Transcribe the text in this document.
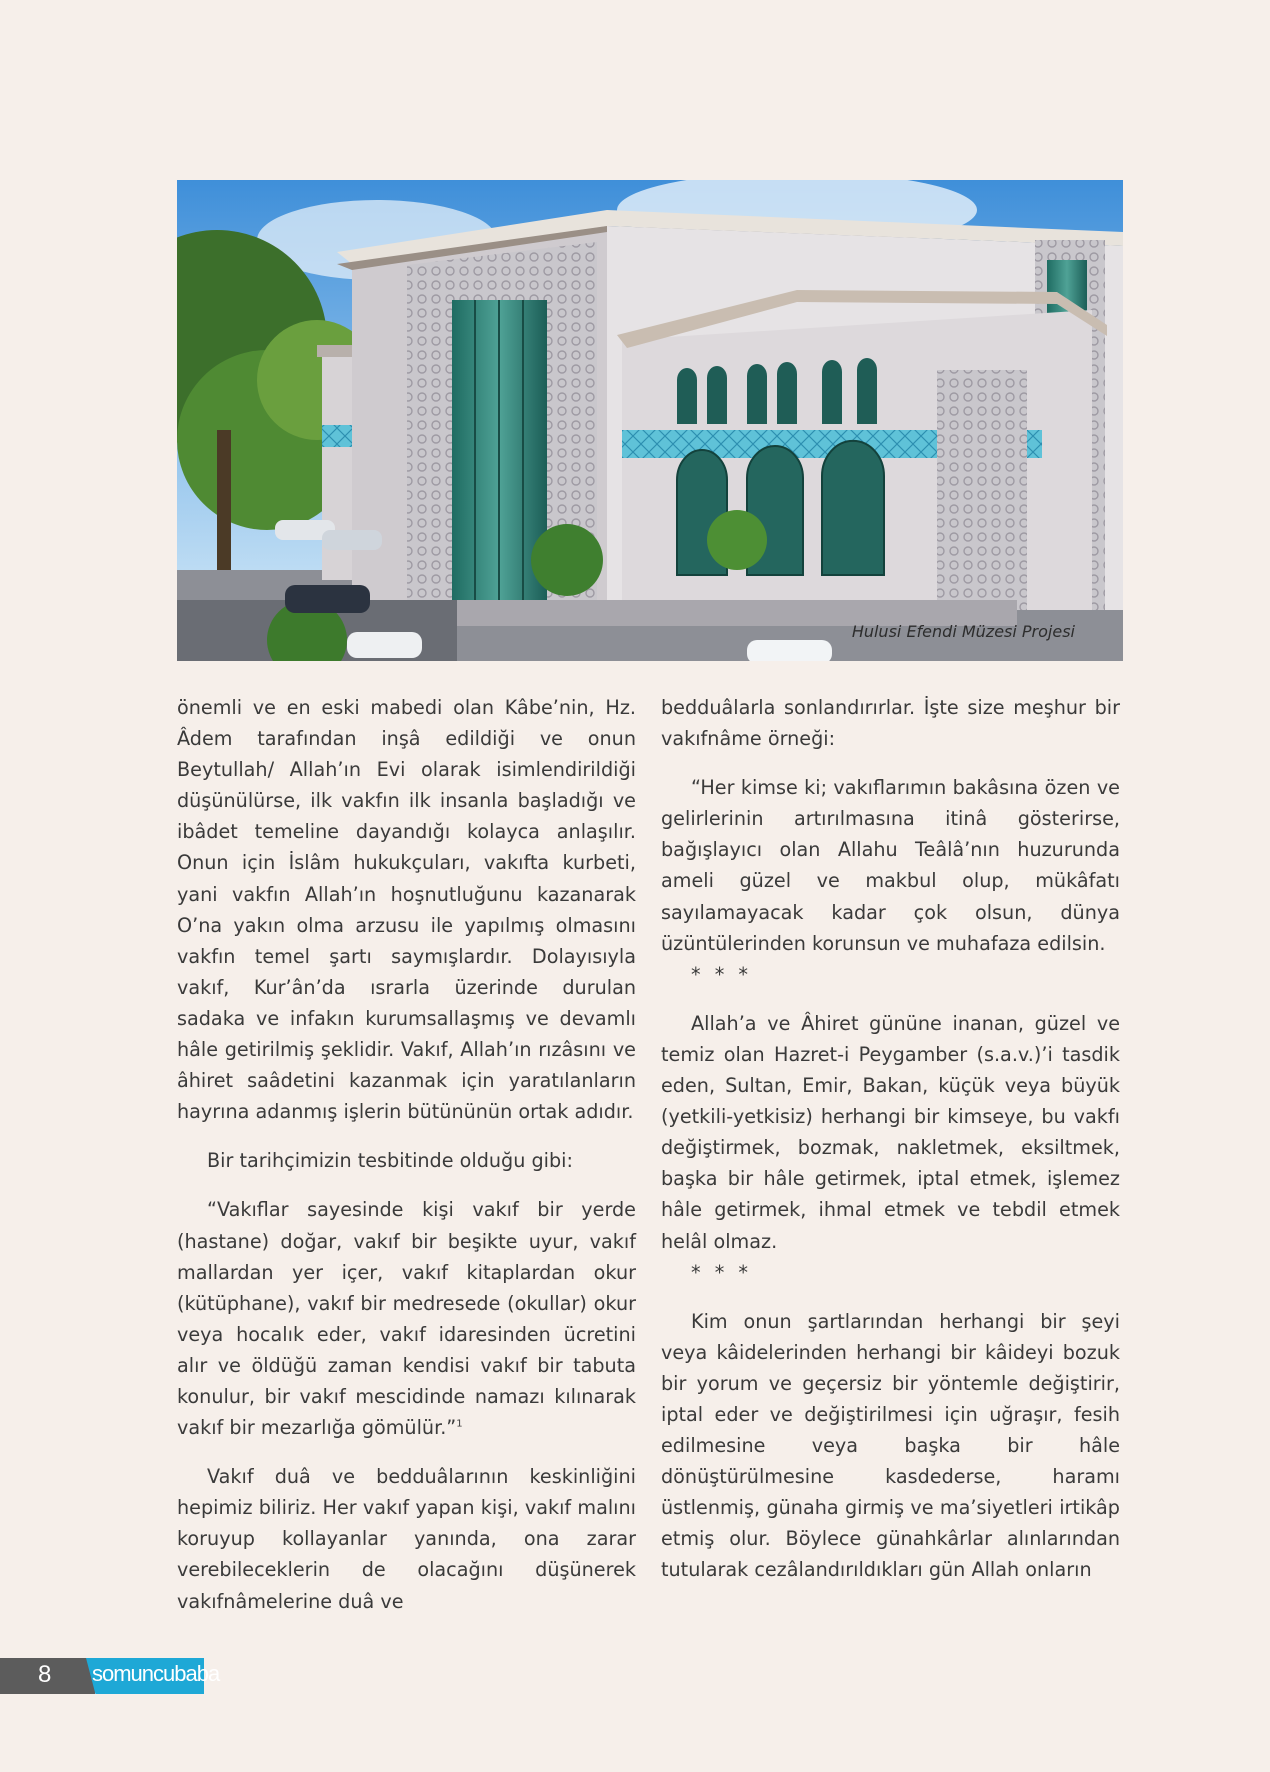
Hulusi Efendi Müzesi Projesi

önemli ve en eski mabedi olan Kâbe’nin, Hz. Âdem tarafından inşâ edildiği ve onun Beytullah/ Allah’ın Evi olarak isimlendirildiği düşünülürse, ilk vakfın ilk insanla başladığı ve ibâdet temeline dayandığı kolayca anlaşılır. Onun için İslâm hukukçuları, vakıfta kurbeti, yani vakfın Allah’ın hoşnutluğunu kazanarak O’na yakın olma arzusu ile yapılmış olmasını vakfın temel şartı saymışlardır. Dolayısıyla vakıf, Kur’ân’da ısrarla üzerinde durulan sadaka ve infakın kurumsallaşmış ve devamlı hâle getirilmiş şeklidir. Vakıf, Allah’ın rızâsını ve âhiret saâdetini kazanmak için yaratılanların hayrına adanmış işlerin bütününün ortak adıdır.

Bir tarihçimizin tesbitinde olduğu gibi:

“Vakıflar sayesinde kişi vakıf bir yerde (hastane) doğar, vakıf bir beşikte uyur, vakıf mallardan yer içer, vakıf kitaplardan okur (kütüphane), vakıf bir medresede (okullar) okur veya hocalık eder, vakıf idaresinden ücretini alır ve öldüğü zaman kendisi vakıf bir tabuta konulur, bir vakıf mescidinde namazı kılınarak vakıf bir mezarlığa gömülür.”$^1$

Vakıf duâ ve bedduâlarının keskinliğini hepimiz biliriz. Her vakıf yapan kişi, vakıf malını koruyup kollayanlar yanında, ona zarar verebileceklerin de olacağını düşünerek vakıfnâmelerine duâ ve

bedduâlarla sonlandırırlar. İşte size meşhur bir vakıfnâme örneği:

“Her kimse ki; vakıflarımın bakâsına özen ve gelirlerinin artırılmasına itinâ gösterirse, bağışlayıcı olan Allahu Teâlâ’nın huzurunda ameli güzel ve makbul olup, mükâfatı sayılamayacak kadar çok olsun, dünya üzüntülerinden korunsun ve muhafaza edilsin.

* * *

Allah’a ve Âhiret gününe inanan, güzel ve temiz olan Hazret-i Peygamber (s.a.v.)’i tasdik eden, Sultan, Emir, Bakan, küçük veya büyük (yetkili-yetkisiz) herhangi bir kimseye, bu vakfı değiştirmek, bozmak, nakletmek, eksiltmek, başka bir hâle getirmek, iptal etmek, işlemez hâle getirmek, ihmal etmek ve tebdil etmek helâl olmaz.

* * *

Kim onun şartlarından herhangi bir şeyi veya kâidelerinden herhangi bir kâideyi bozuk bir yorum ve geçersiz bir yöntemle değiştirir, iptal eder ve değiştirilmesi için uğraşır, fesih edilmesine veya başka bir hâle dönüştürülmesine kasdederse, haramı üstlenmiş, günaha girmiş ve ma’siyetleri irtikâp etmiş olur. Böylece günahkârlar alınlarından tutularak cezâlandırıldıkları gün Allah onların

8 somuncubaba
